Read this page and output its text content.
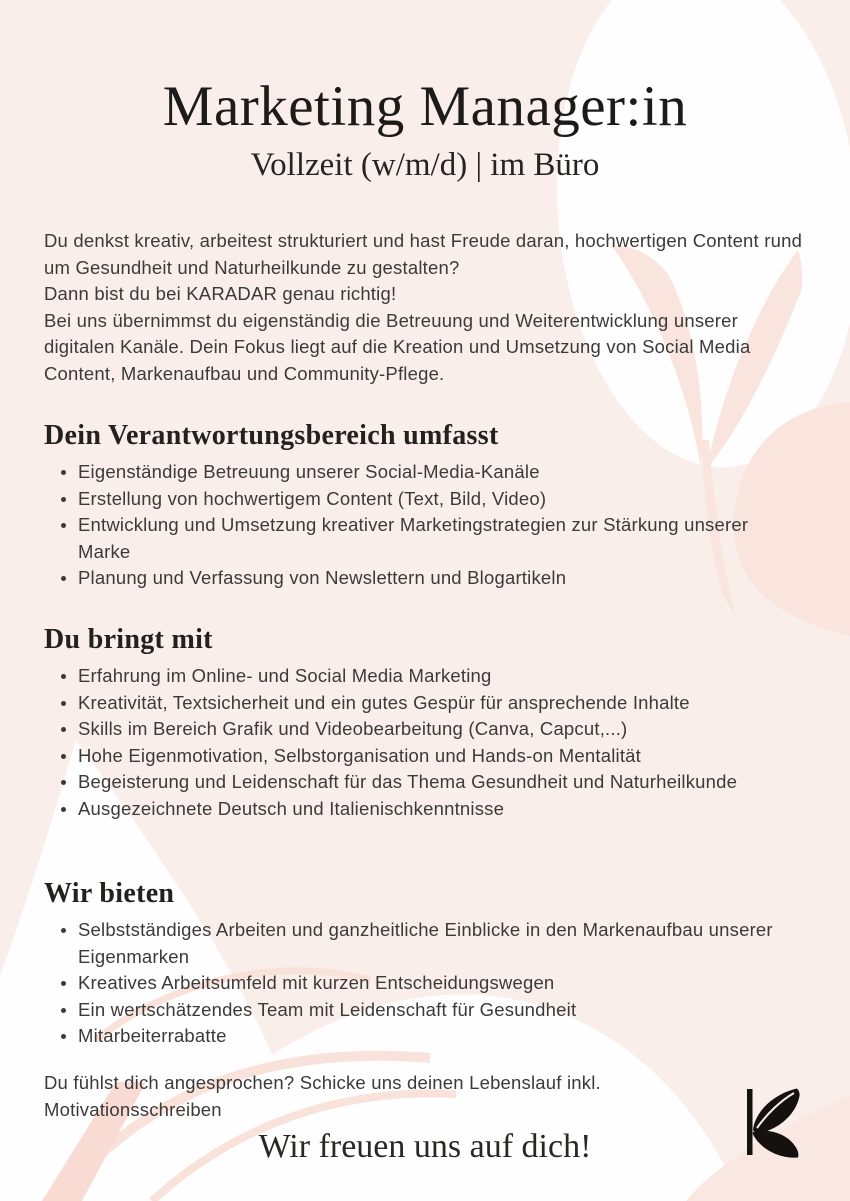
Marketing Manager:in
Vollzeit (w/m/d) | im Büro

Du denkst kreativ, arbeitest strukturiert und hast Freude daran, hochwertigen Content rund um Gesundheit und Naturheilkunde zu gestalten?

Dann bist du bei KARADAR genau richtig!

Bei uns übernimmst du eigenständig die Betreuung und Weiterentwicklung unserer digitalen Kanäle. Dein Fokus liegt auf die Kreation und Umsetzung von Social Media Content, Markenaufbau und Community-Pflege.

Dein Verantwortungsbereich umfasst
Eigenständige Betreuung unserer Social-Media-Kanäle
Erstellung von hochwertigem Content (Text, Bild, Video)
Entwicklung und Umsetzung kreativer Marketingstrategien zur Stärkung unserer Marke
Planung und Verfassung von Newslettern und Blogartikeln
Du bringt mit
Erfahrung im Online- und Social Media Marketing
Kreativität, Textsicherheit und ein gutes Gespür für ansprechende Inhalte
Skills im Bereich Grafik und Videobearbeitung (Canva, Capcut,...)
Hohe Eigenmotivation, Selbstorganisation und Hands-on Mentalität
Begeisterung und Leidenschaft für das Thema Gesundheit und Naturheilkunde
Ausgezeichnete Deutsch und Italienischkenntnisse
Wir bieten
Selbstständiges Arbeiten und ganzheitliche Einblicke in den Markenaufbau unserer Eigenmarken
Kreatives Arbeitsumfeld mit kurzen Entscheidungswegen
Ein wertschätzendes Team mit Leidenschaft für Gesundheit
Mitarbeiterrabatte

Du fühlst dich angesprochen? Schicke uns deinen Lebenslauf inkl. Motivationsschreiben

Wir freuen uns auf dich!
